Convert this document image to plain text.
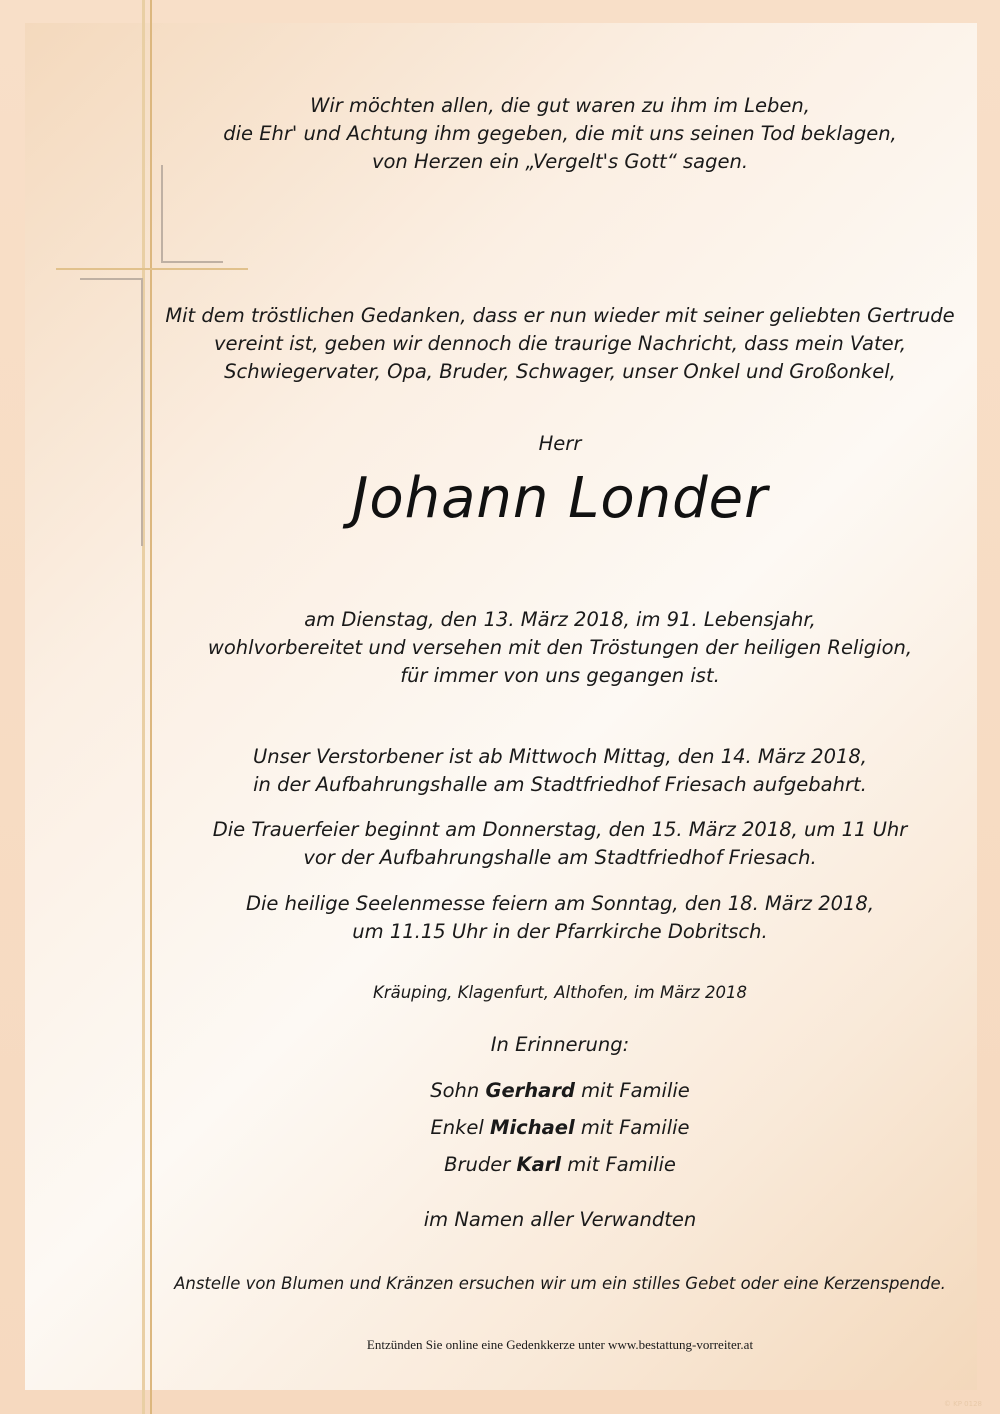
Wir möchten allen, die gut waren zu ihm im Leben,
die Ehr' und Achtung ihm gegeben, die mit uns seinen Tod beklagen,
von Herzen ein „Vergelt's Gott“ sagen.
Mit dem tröstlichen Gedanken, dass er nun wieder mit seiner geliebten Gertrude
vereint ist, geben wir dennoch die traurige Nachricht, dass mein Vater,
Schwiegervater, Opa, Bruder, Schwager, unser Onkel und Großonkel,
Herr
Johann Londer
am Dienstag, den 13. März 2018, im 91. Lebensjahr,
wohlvorbereitet und versehen mit den Tröstungen der heiligen Religion,
für immer von uns gegangen ist.
Unser Verstorbener ist ab Mittwoch Mittag, den 14. März 2018,
in der Aufbahrungshalle am Stadtfriedhof Friesach aufgebahrt.
Die Trauerfeier beginnt am Donnerstag, den 15. März 2018, um 11 Uhr
vor der Aufbahrungshalle am Stadtfriedhof Friesach.
Die heilige Seelenmesse feiern am Sonntag, den 18. März 2018,
um 11.15 Uhr in der Pfarrkirche Dobritsch.
Kräuping, Klagenfurt, Althofen, im März 2018
In Erinnerung:
Sohn Gerhard mit Familie
Enkel Michael mit Familie
Bruder Karl mit Familie
im Namen aller Verwandten
Anstelle von Blumen und Kränzen ersuchen wir um ein stilles Gebet oder eine Kerzenspende.
Entzünden Sie online eine Gedenkkerze unter www.bestattung-vorreiter.at
© KP 0128
